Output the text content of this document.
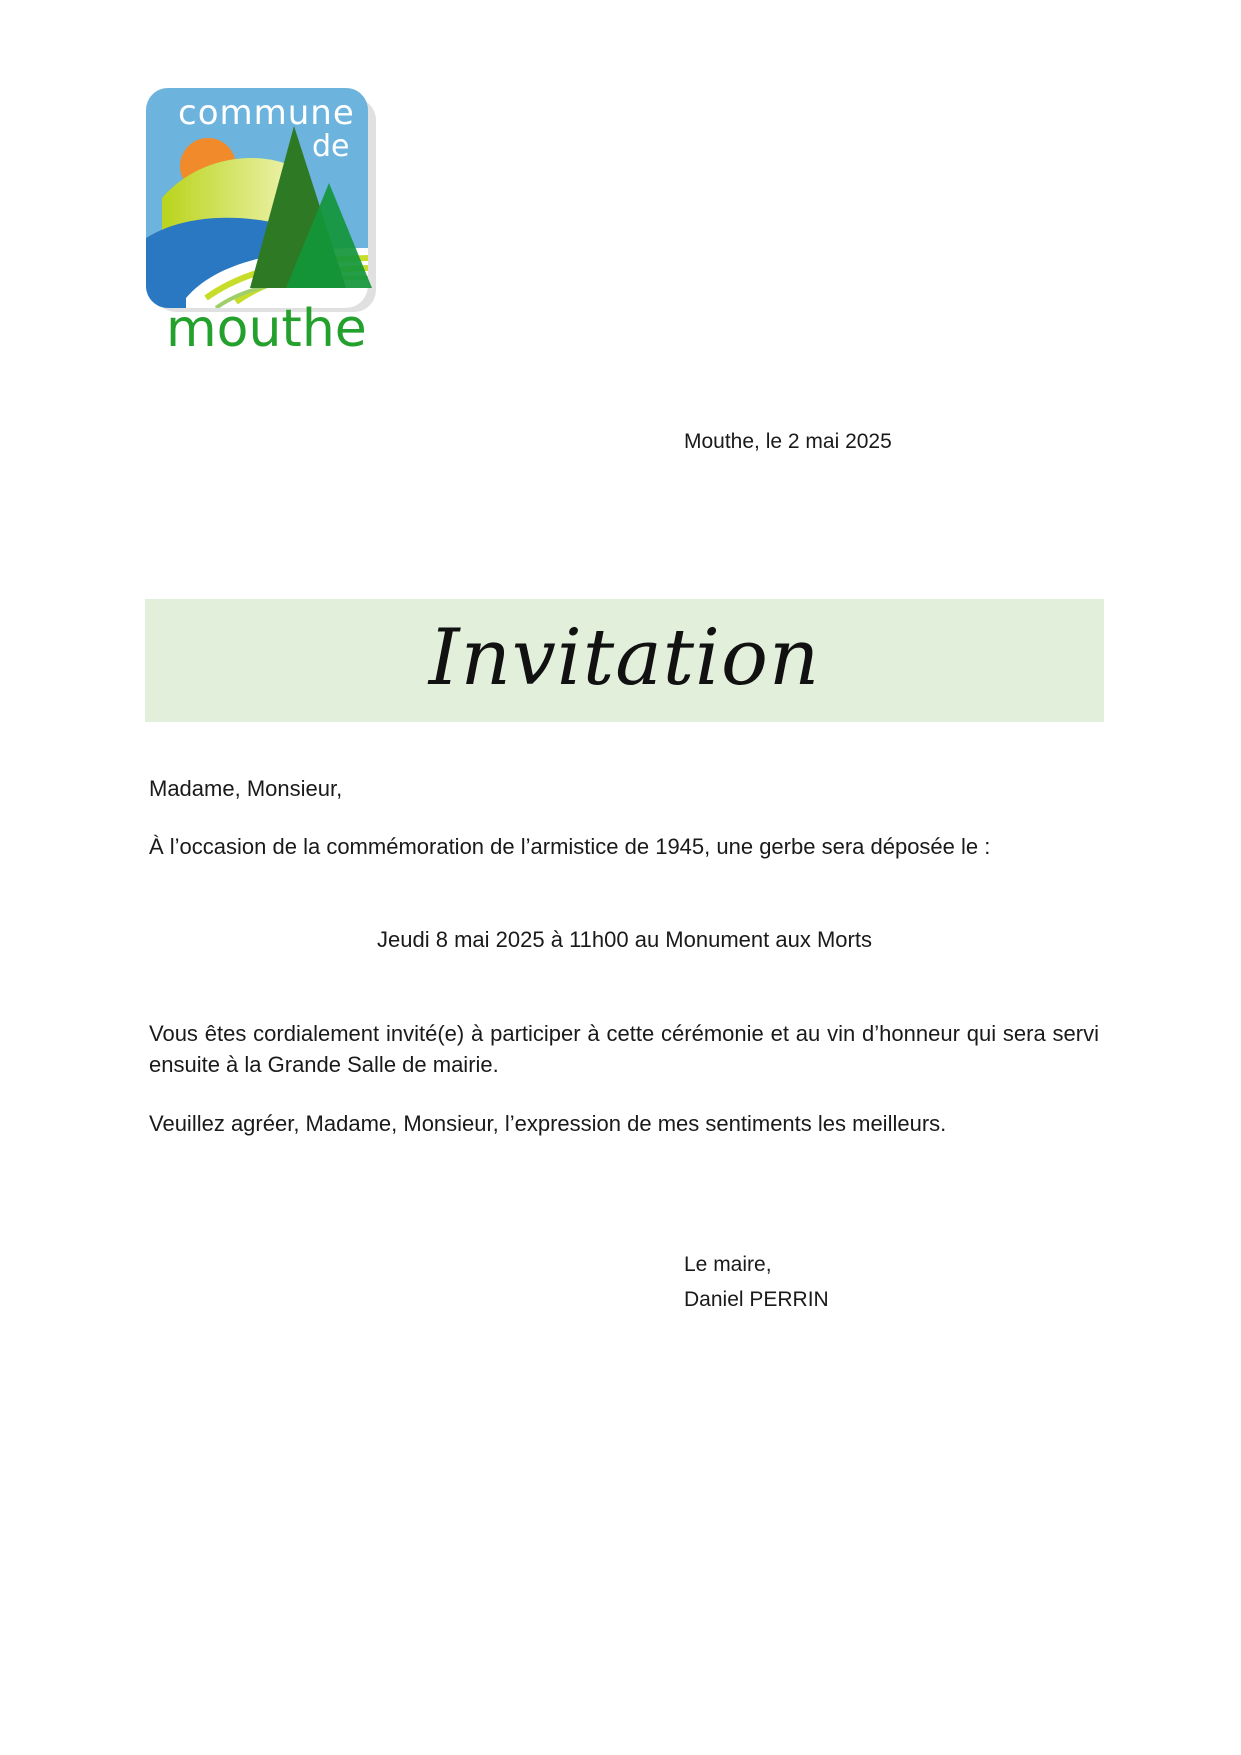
commune
de
mouthe
Mouthe, le 2 mai 2025
Invitation
Madame, Monsieur,
À l’occasion de la commémoration de l’armistice de 1945, une gerbe sera déposée le :
Jeudi 8 mai 2025 à 11h00 au Monument aux Morts
Vous êtes cordialement invité(e) à participer à cette cérémonie et au vin d’honneur qui sera servi ensuite à la Grande Salle de mairie.
Veuillez agréer, Madame, Monsieur, l’expression de mes sentiments les meilleurs.
Le maire,
Daniel PERRIN
